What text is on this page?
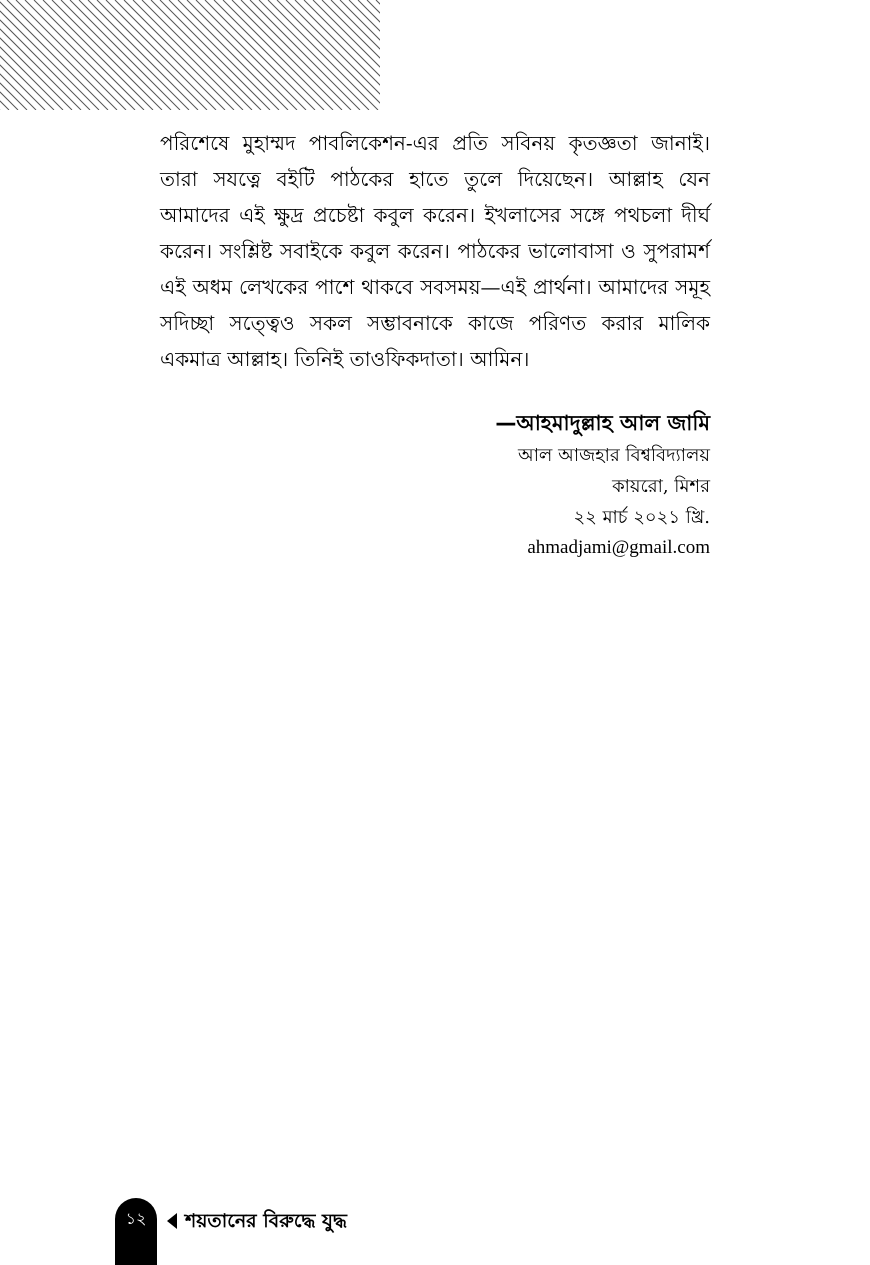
পরিশেষে মুহাম্মদ পাবলিকেশন-এর প্রতি সবিনয় কৃতজ্ঞতা জানাই। তারা সযত্নে বইটি পাঠকের হাতে তুলে দিয়েছেন। আল্লাহ যেন আমাদের এই ক্ষুদ্র প্রচেষ্টা কবুল করেন। ইখলাসের সঙ্গে পথচলা দীর্ঘ করেন। সংশ্লিষ্ট সবাইকে কবুল করেন। পাঠকের ভালোবাসা ও সুপরামর্শ এই অধম লেখকের পাশে থাকবে সবসময়—এই প্রার্থনা। আমাদের সমূহ সদিচ্ছা সত্ত্বেও সকল সম্ভাবনাকে কাজে পরিণত করার মালিক একমাত্র আল্লাহ। তিনিই তাওফিকদাতা। আমিন।

—আহমাদুল্লাহ আল জামি
আল আজহার বিশ্ববিদ্যালয়
কায়রো, মিশর
২২ মার্চ ২০২১ খ্রি.
ahmadjami@gmail.com
১২	শয়তানের বিরুদ্ধে যুদ্ধ
